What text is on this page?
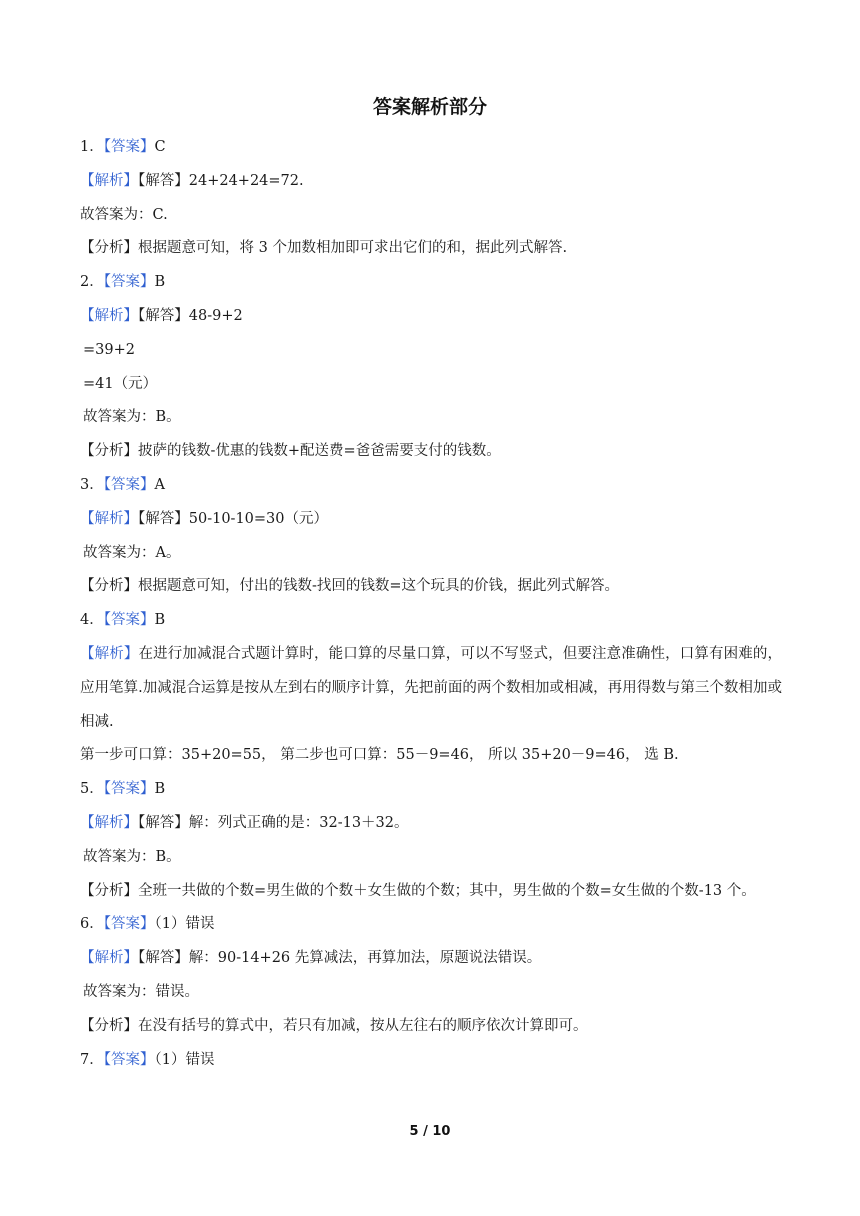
答案解析部分
1．【答案】C
【解析】【解答】24+24+24=72.
故答案为：C.
【分析】根据题意可知，将 3 个加数相加即可求出它们的和，据此列式解答.
2．【答案】B
【解析】【解答】48-9+2
=39+2
=41（元）
故答案为：B。
【分析】披萨的钱数-优惠的钱数+配送费=爸爸需要支付的钱数。
3．【答案】A
【解析】【解答】50-10-10=30（元）
故答案为：A。
【分析】根据题意可知，付出的钱数-找回的钱数=这个玩具的价钱，据此列式解答。
4．【答案】B
【解析】在进行加减混合式题计算时，能口算的尽量口算，可以不写竖式，但要注意准确性，口算有困难的，应用笔算.加减混合运算是按从左到右的顺序计算，先把前面的两个数相加或相减，再用得数与第三个数相加或相减.
第一步可口算：35+20=55， 第二步也可口算：55－9=46， 所以 35+20－9=46， 选 B.
5．【答案】B
【解析】【解答】解：列式正确的是：32-13＋32。
故答案为：B。
【分析】全班一共做的个数=男生做的个数＋女生做的个数；其中，男生做的个数=女生做的个数-13 个。
6．【答案】（1）错误
【解析】【解答】解：90-14+26 先算减法，再算加法，原题说法错误。
故答案为：错误。
【分析】在没有括号的算式中，若只有加减，按从左往右的顺序依次计算即可。
7．【答案】（1）错误
5 / 10
